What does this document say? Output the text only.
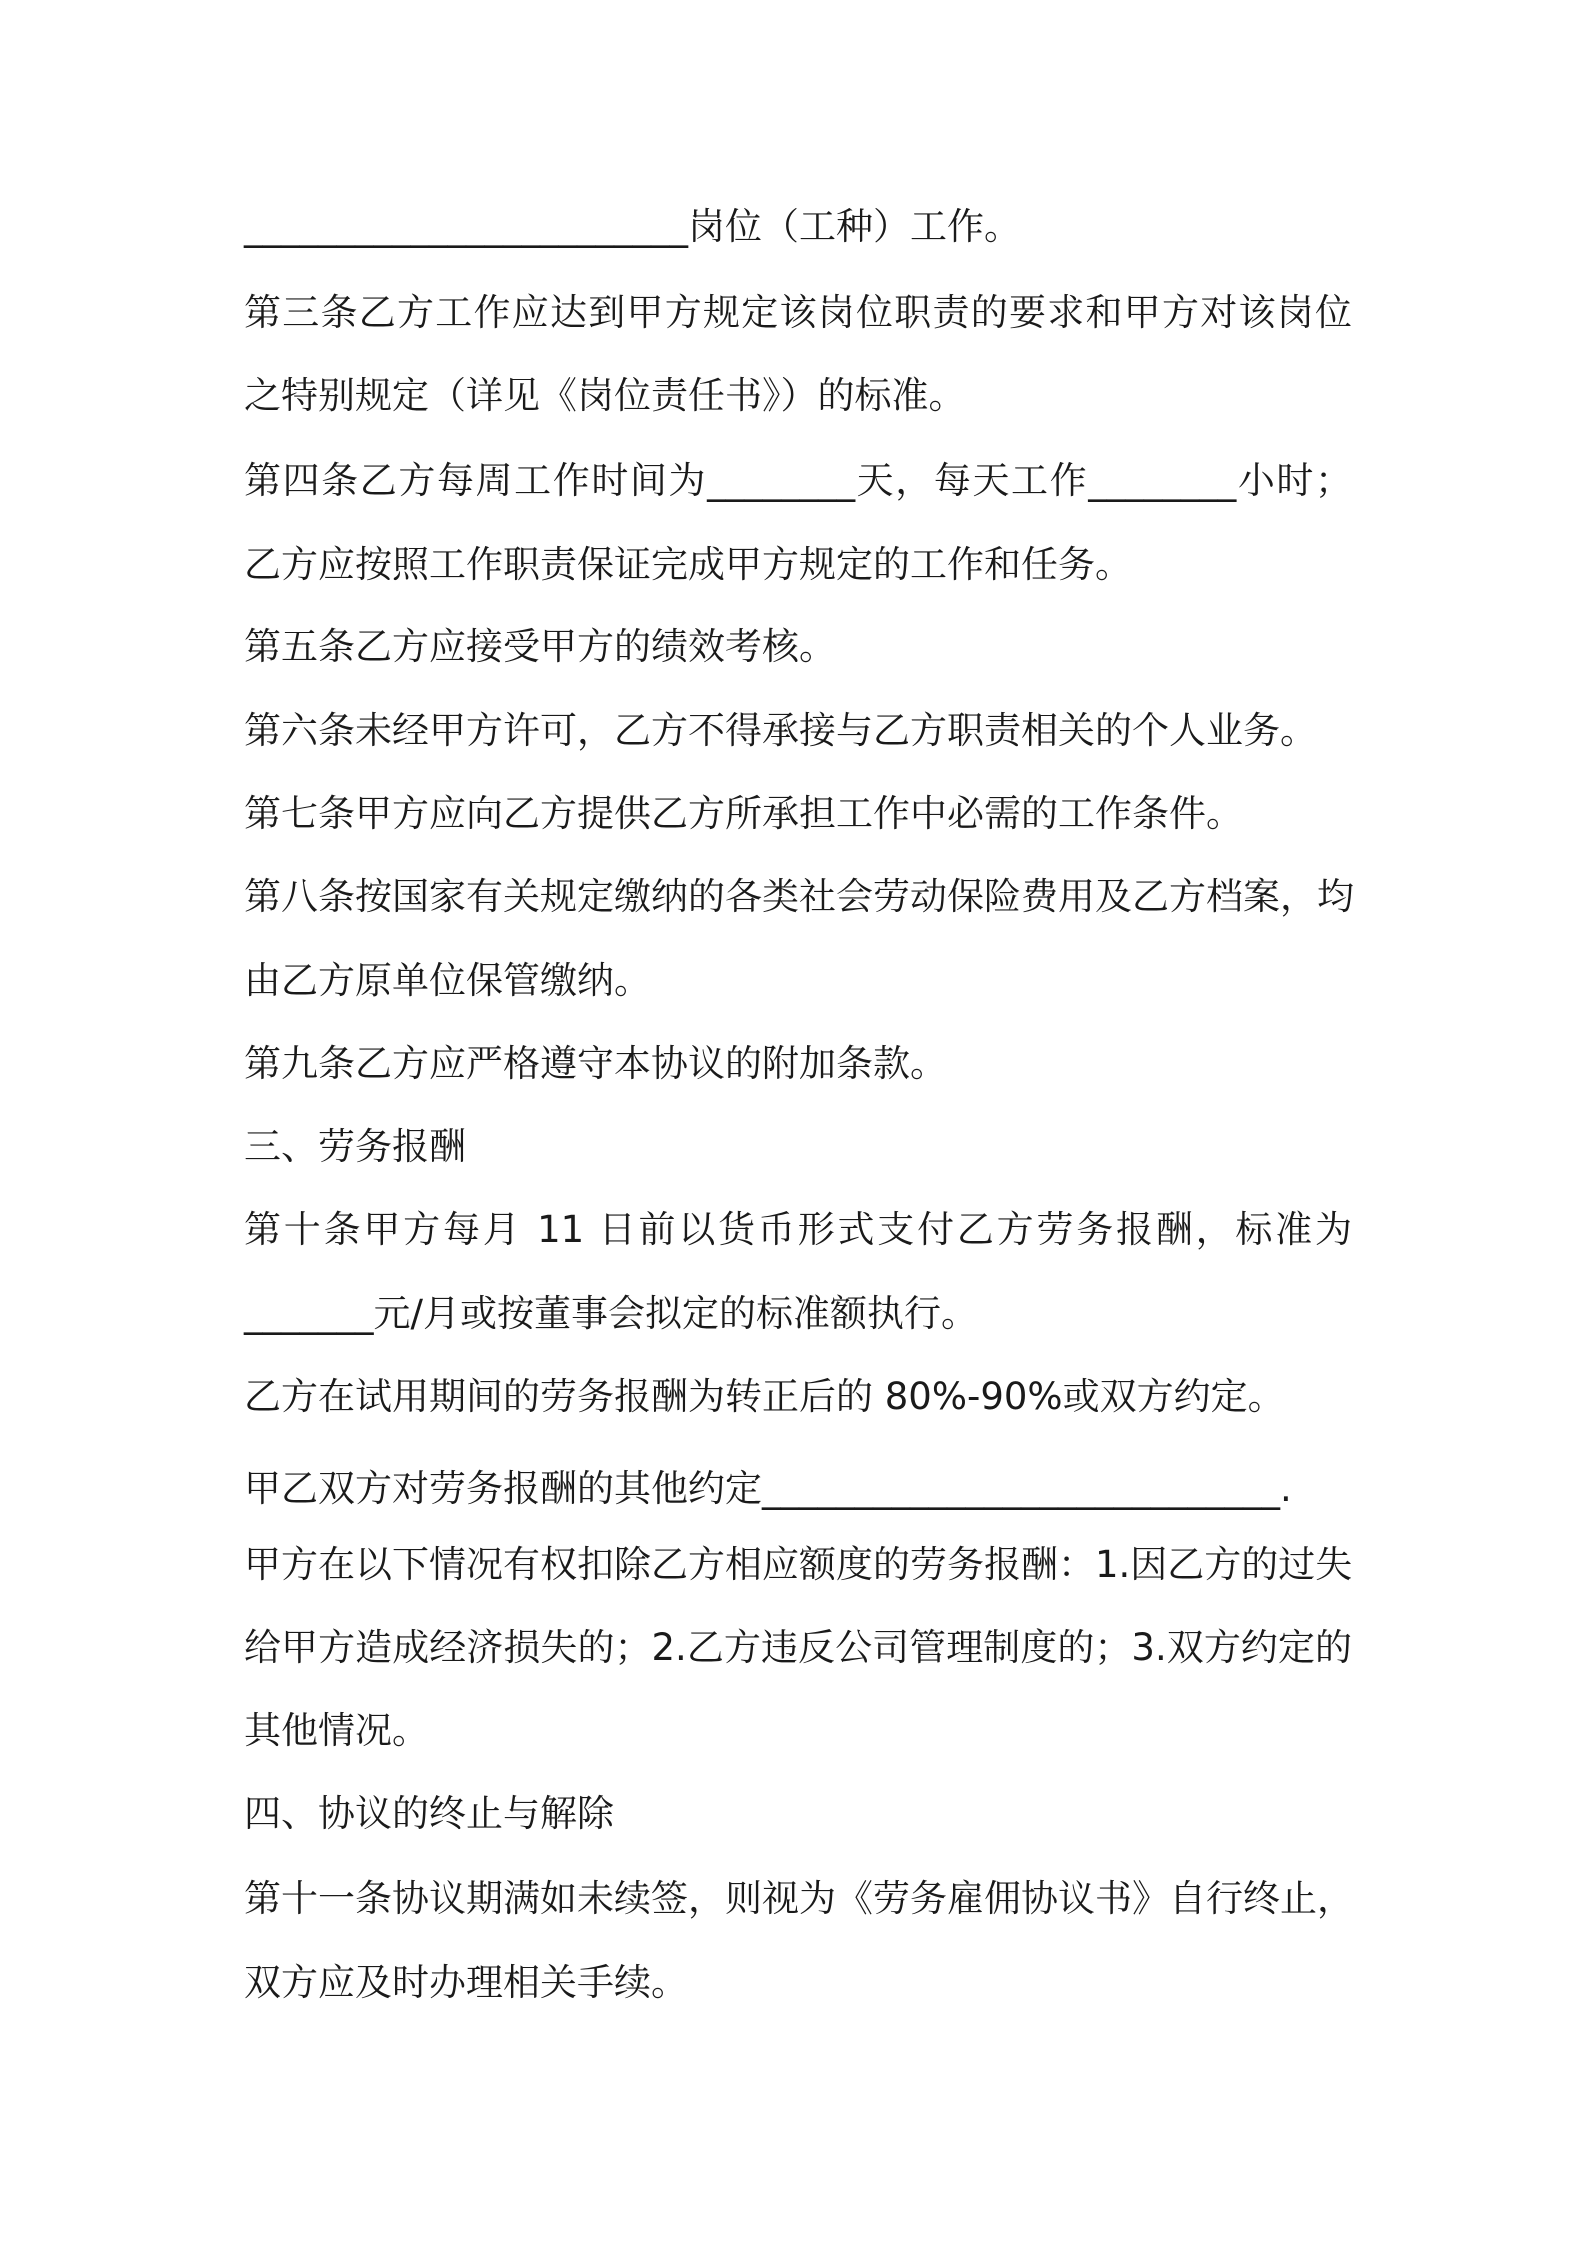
________________________岗位（工种）工作。
第三条乙方工作应达到甲方规定该岗位职责的要求和甲方对该岗位
之特别规定（详见《岗位责任书》）的标准。
第四条乙方每周工作时间为________天，每天工作________小时；
乙方应按照工作职责保证完成甲方规定的工作和任务。
第五条乙方应接受甲方的绩效考核。
第六条未经甲方许可，乙方不得承接与乙方职责相关的个人业务。
第七条甲方应向乙方提供乙方所承担工作中必需的工作条件。
第八条按国家有关规定缴纳的各类社会劳动保险费用及乙方档案，均
由乙方原单位保管缴纳。
第九条乙方应严格遵守本协议的附加条款。
三、劳务报酬
第十条甲方每月 11 日前以货币形式支付乙方劳务报酬，标准为
_______元/月或按董事会拟定的标准额执行。
乙方在试用期间的劳务报酬为转正后的 80%-90%或双方约定。
甲乙双方对劳务报酬的其他约定____________________________.
甲方在以下情况有权扣除乙方相应额度的劳务报酬：1.因乙方的过失
给甲方造成经济损失的；2.乙方违反公司管理制度的；3.双方约定的
其他情况。
四、协议的终止与解除
第十一条协议期满如未续签，则视为《劳务雇佣协议书》自行终止，
双方应及时办理相关手续。
